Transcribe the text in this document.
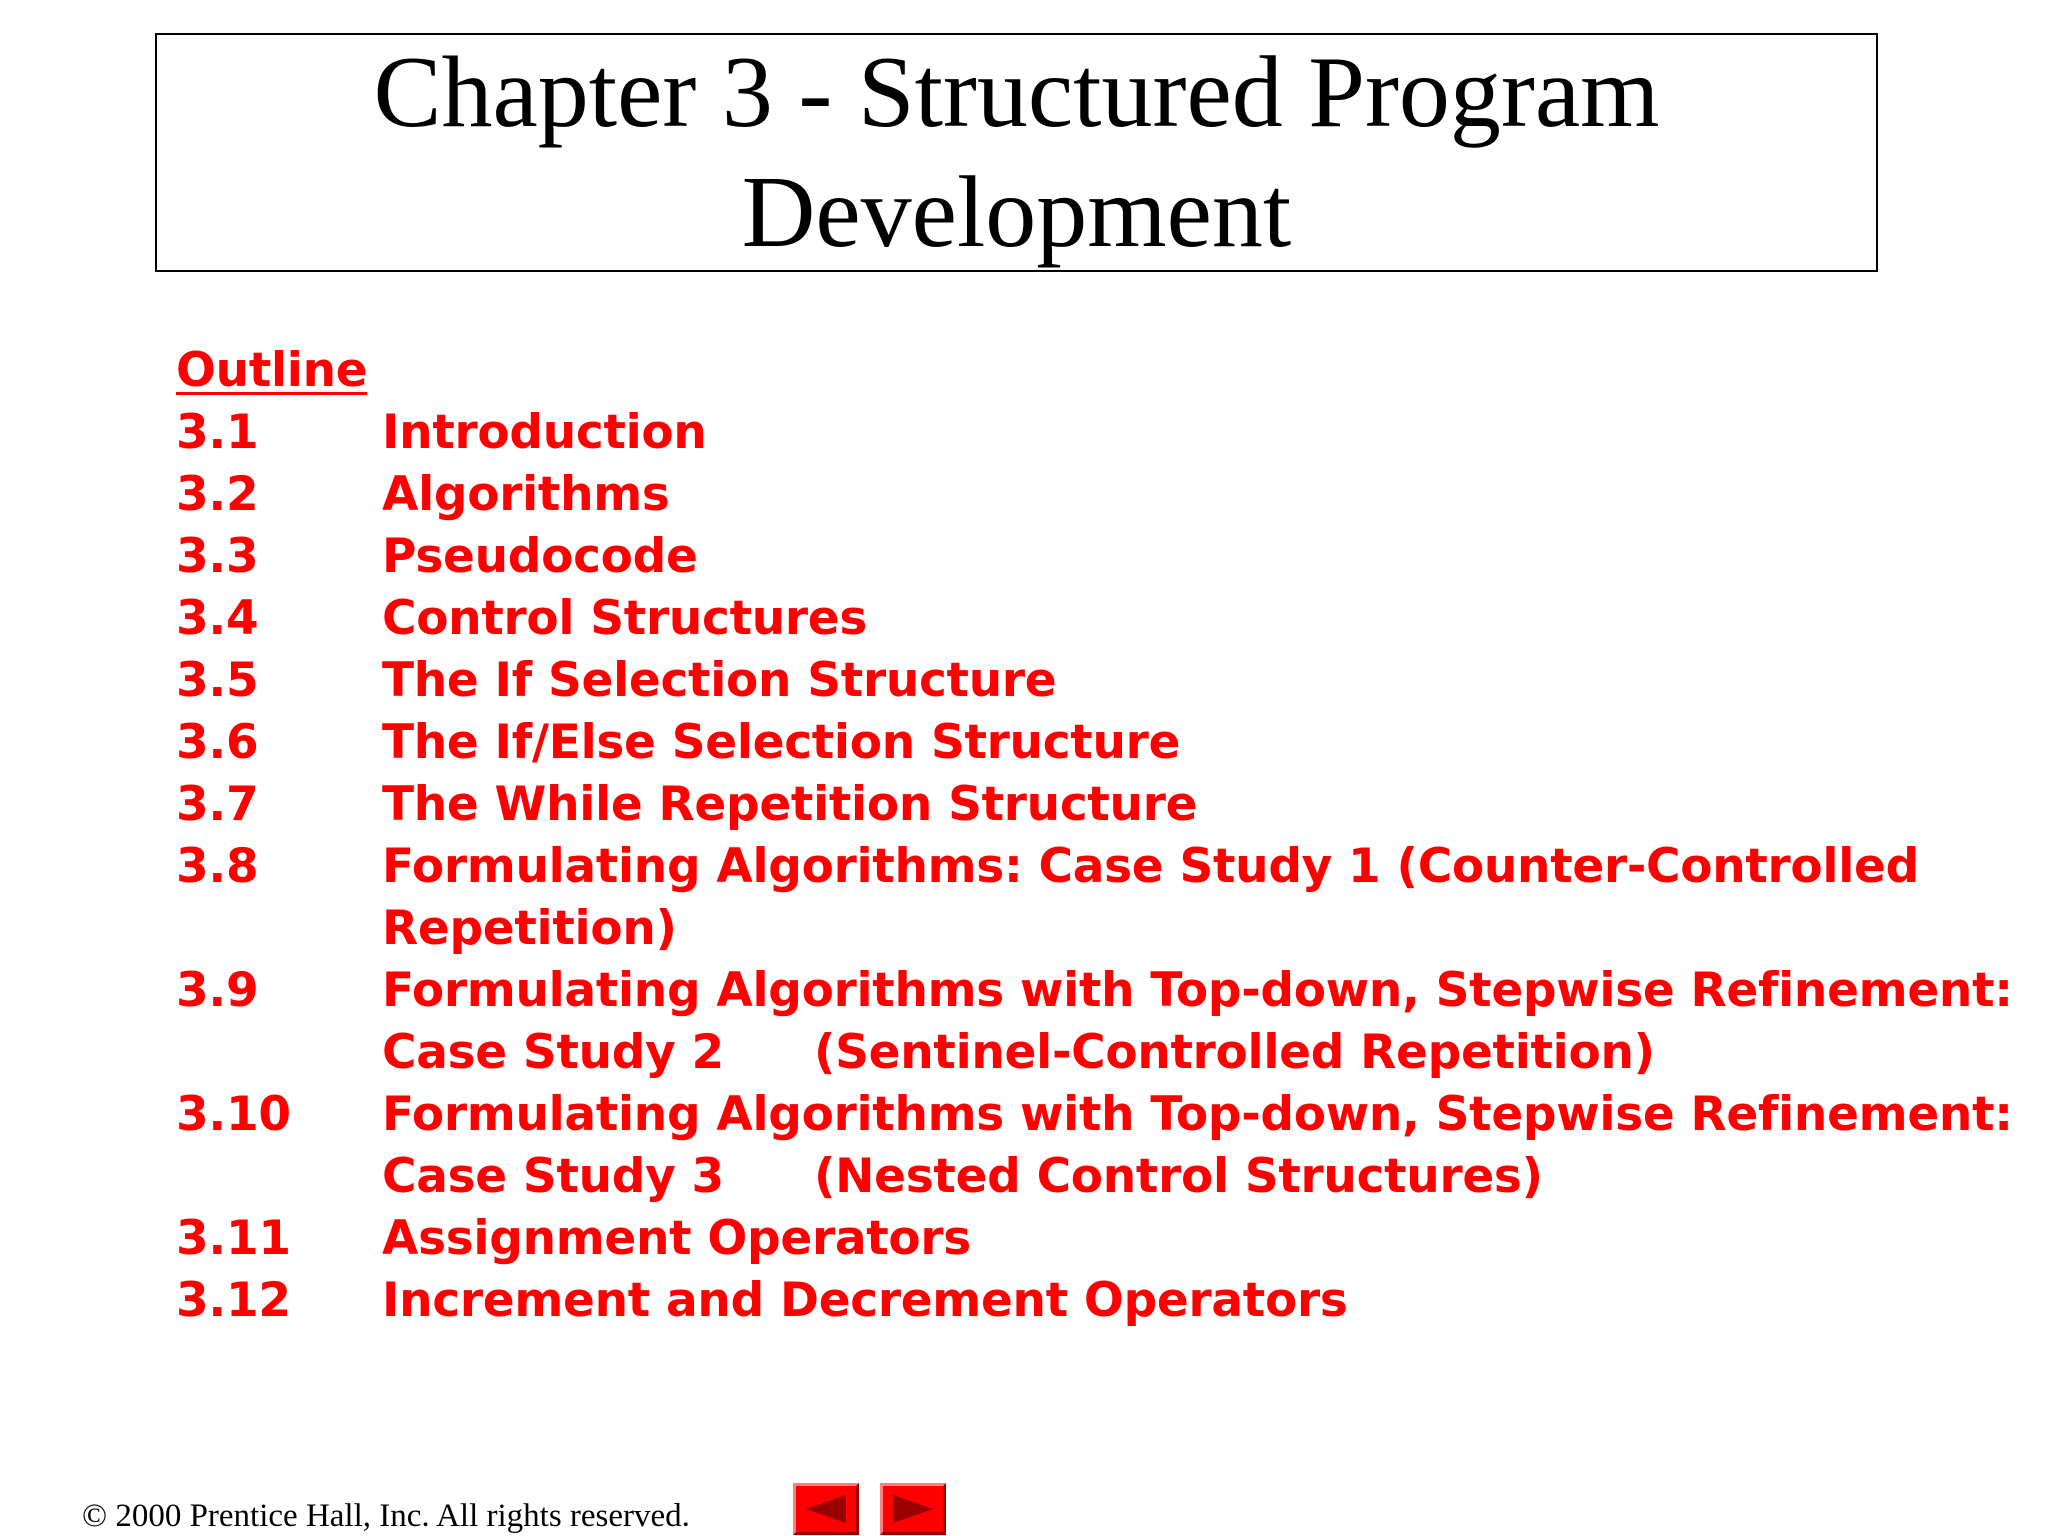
Chapter 3 - Structured Program
Development
Outline
3.1	Introduction
3.2	Algorithms
3.3	Pseudocode
3.4	Control Structures
3.5	The If Selection Structure
3.6	The If/Else Selection Structure
3.7	The While Repetition Structure
3.8	Formulating Algorithms: Case Study 1 (Counter-Controlled
Repetition)
3.9	Formulating Algorithms with Top-down, Stepwise Refinement:
Case Study 2 (Sentinel-Controlled Repetition)
3.10	Formulating Algorithms with Top-down, Stepwise Refinement:
Case Study 3 (Nested Control Structures)
3.11	Assignment Operators
3.12	Increment and Decrement Operators
© 2000 Prentice Hall, Inc. All rights reserved.
